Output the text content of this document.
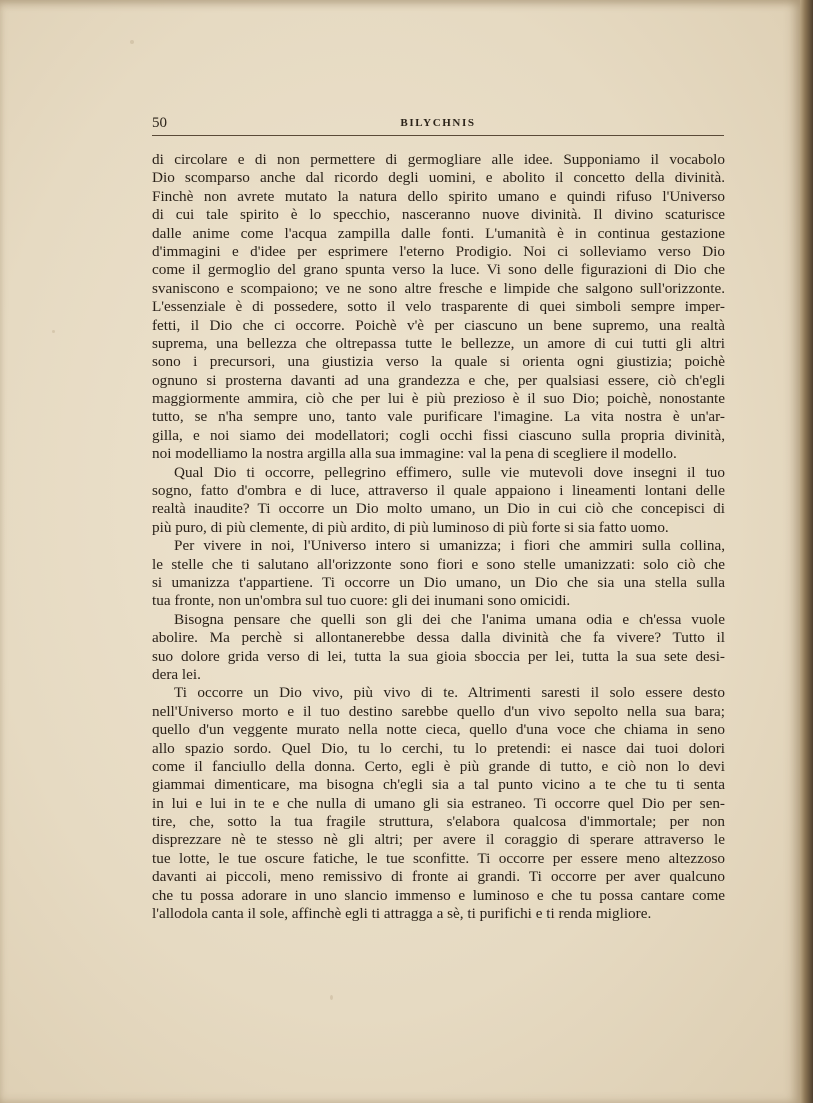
50	BILYCHNIS
di circolare e di non permettere di germogliare alle idee. Supponiamo il vocabolo
Dio scomparso anche dal ricordo degli uomini, e abolito il concetto della divinità.
Finchè non avrete mutato la natura dello spirito umano e quindi rifuso l'Universo
di cui tale spirito è lo specchio, nasceranno nuove divinità. Il divino scaturisce
dalle anime come l'acqua zampilla dalle fonti. L'umanità è in continua gestazione
d'immagini e d'idee per esprimere l'eterno Prodigio. Noi ci solleviamo verso Dio
come il germoglio del grano spunta verso la luce. Vi sono delle figurazioni di Dio che
svaniscono e scompaiono; ve ne sono altre fresche e limpide che salgono sull'orizzonte.
L'essenziale è di possedere, sotto il velo trasparente di quei simboli sempre imper-
fetti, il Dio che ci occorre. Poichè v'è per ciascuno un bene supremo, una realtà
suprema, una bellezza che oltrepassa tutte le bellezze, un amore di cui tutti gli altri
sono i precursori, una giustizia verso la quale si orienta ogni giustizia; poichè
ognuno si prosterna davanti ad una grandezza e che, per qualsiasi essere, ciò ch'egli
maggiormente ammira, ciò che per lui è più prezioso è il suo Dio; poichè, nonostante
tutto, se n'ha sempre uno, tanto vale purificare l'imagine. La vita nostra è un'ar-
gilla, e noi siamo dei modellatori; cogli occhi fissi ciascuno sulla propria divinità,
noi modelliamo la nostra argilla alla sua immagine: val la pena di sceglierе il modello.
Qual Dio ti occorre, pellegrino effimero, sulle vie mutevoli dove insegni il tuo
sogno, fatto d'ombra e di luce, attraverso il quale appaiono i lineamenti lontani delle
realtà inaudite? Ti occorre un Dio molto umano, un Dio in cui ciò che concepisci di
più puro, di più clemente, di più ardito, di più luminoso di più forte si sia fatto uomo.
Per vivere in noi, l'Universo intero si umanizza; i fiori che ammiri sulla collina,
le stelle che ti salutano all'orizzonte sono fiori e sono stelle umanizzati: solo ciò che
si umanizza t'appartiene. Ti occorre un Dio umano, un Dio che sia una stella sulla
tua fronte, non un'ombra sul tuo cuore: gli dei inumani sono omicidi.
Bisogna pensare che quelli son gli dei che l'anima umana odia e ch'essa vuole
abolire. Ma perchè si allontanerebbe dessa dalla divinità che fa vivere? Tutto il
suo dolore grida verso di lei, tutta la sua gioia sboccia per lei, tutta la sua sete desi-
dera lei.
Ti occorre un Dio vivo, più vivo di te. Altrimenti saresti il solo essere desto
nell'Universo morto e il tuo destino sarebbe quello d'un vivo sepolto nella sua bara;
quello d'un veggente murato nella notte cieca, quello d'una voce che chiama in seno
allo spazio sordo. Quel Dio, tu lo cerchi, tu lo pretendi: ei nasce dai tuoi dolori
come il fanciullo della donna. Certo, egli è più grande di tutto, e ciò non lo devi
giammai dimenticare, ma bisogna ch'egli sia a tal punto vicino a te che tu ti senta
in lui e lui in te e che nulla di umano gli sia estraneo. Ti occorre quel Dio per sen-
tire, che, sotto la tua fragile struttura, s'elabora qualcosa d'immortale; per non
disprezzare nè te stesso nè gli altri; per avere il coraggio di sperare attraverso le
tue lotte, le tue oscure fatiche, le tue sconfitte. Ti occorre per essere meno altezzoso
davanti ai piccoli, meno remissivo di fronte ai grandi. Ti occorre per aver qualcuno
che tu possa adorare in uno slancio immenso e luminoso e che tu possa cantare come
l'allodola canta il sole, affinchè egli ti attragga a sè, ti purifichi e ti renda migliore.
